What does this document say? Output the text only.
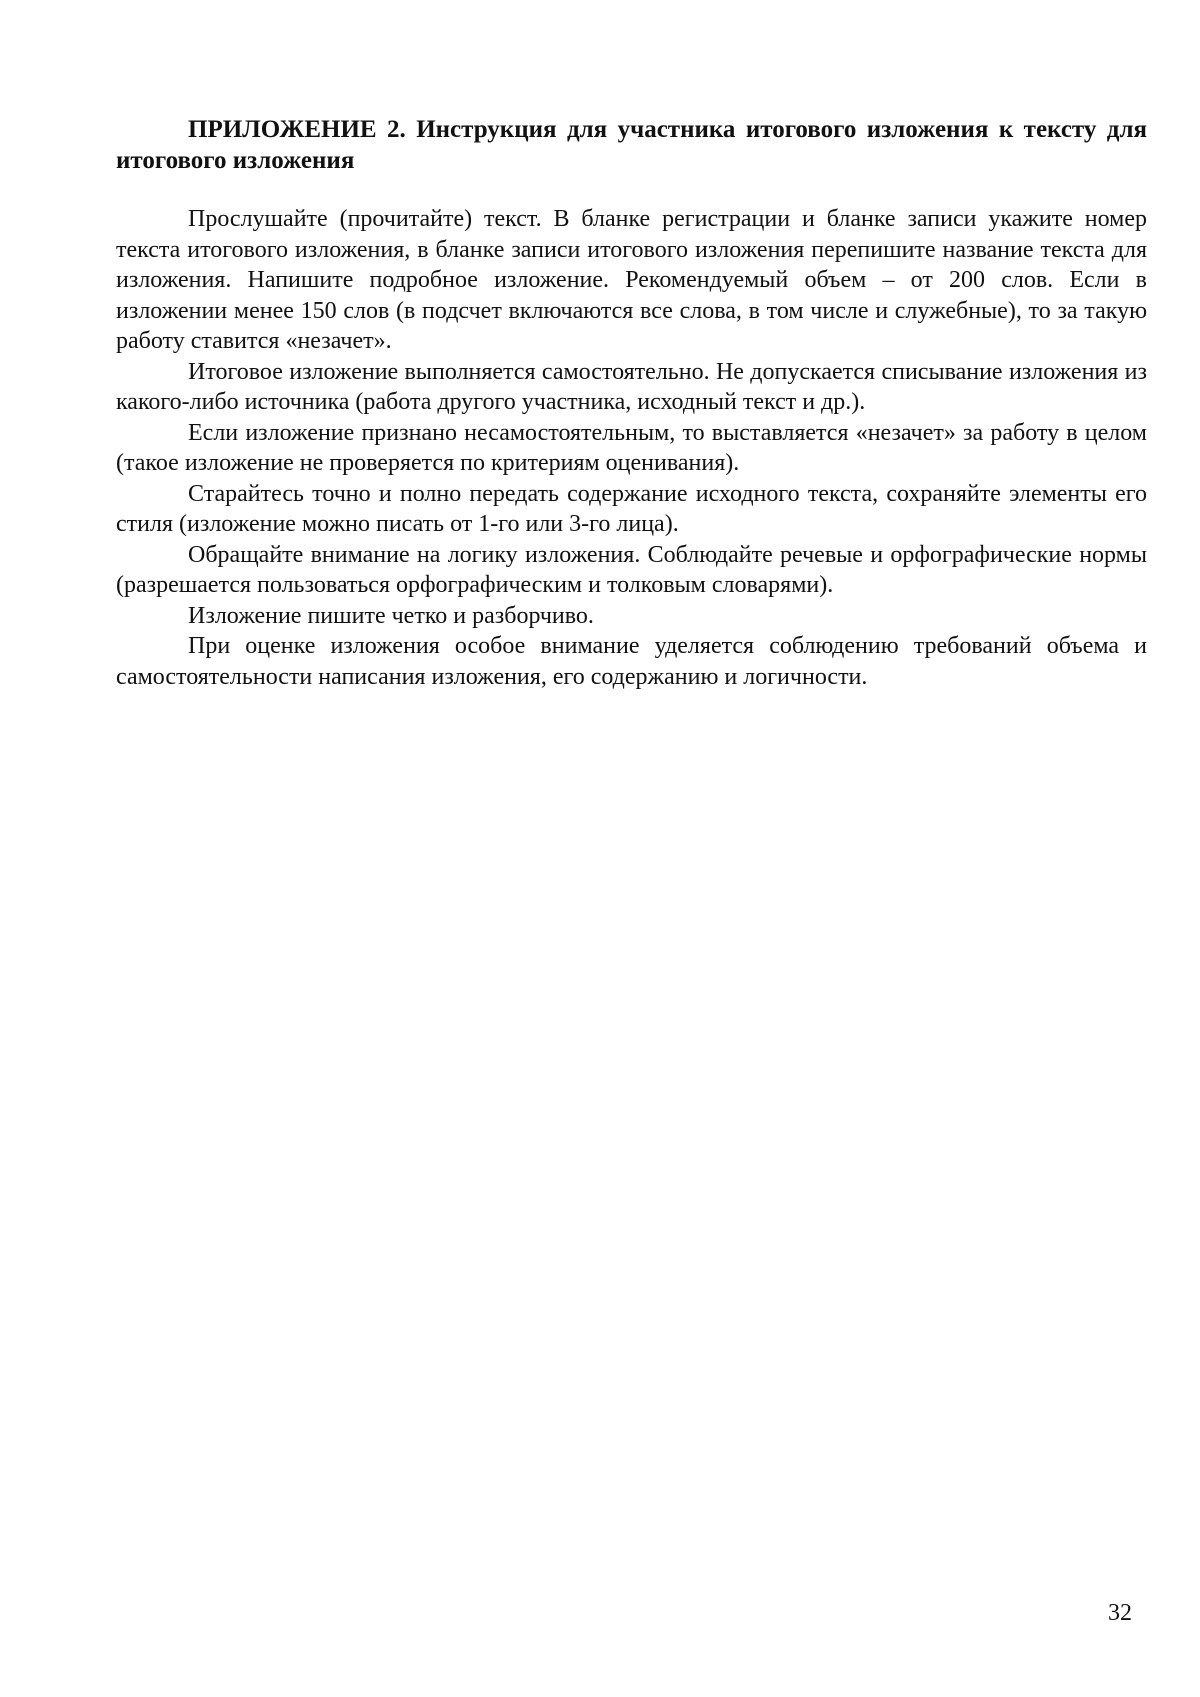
ПРИЛОЖЕНИЕ 2. Инструкция для участника итогового изложения к тексту для итогового изложения

Прослушайте (прочитайте) текст. В бланке регистрации и бланке записи укажите номер текста итогового изложения, в бланке записи итогового изложения перепишите название текста для изложения. Напишите подробное изложение. Рекомендуемый объем – от 200 слов. Если в изложении менее 150 слов (в подсчет включаются все слова, в том числе и служебные), то за такую работу ставится «незачет».

Итоговое изложение выполняется самостоятельно. Не допускается списывание изложения из какого-либо источника (работа другого участника, исходный текст и др.).

Если изложение признано несамостоятельным, то выставляется «незачет» за работу в целом (такое изложение не проверяется по критериям оценивания).

Старайтесь точно и полно передать содержание исходного текста, сохраняйте элементы его стиля (изложение можно писать от 1-го или 3-го лица).

Обращайте внимание на логику изложения. Соблюдайте речевые и орфографические нормы (разрешается пользоваться орфографическим и толковым словарями).

Изложение пишите четко и разборчиво.

При оценке изложения особое внимание уделяется соблюдению требований объема и самостоятельности написания изложения, его содержанию и логичности.

32
